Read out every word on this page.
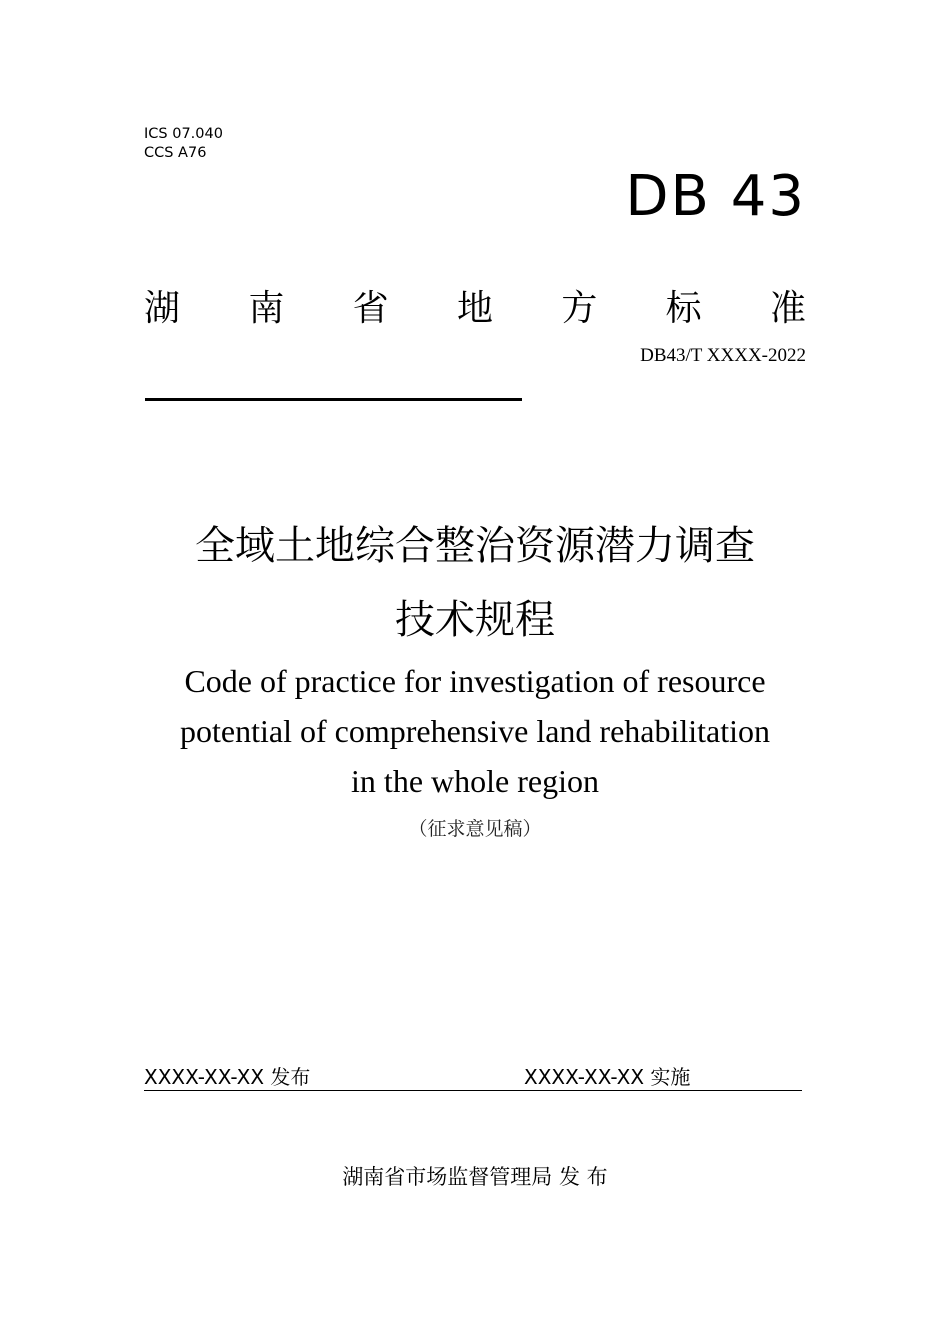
ICS 07.040
CCS A76
DB 43
湖 南 省 地 方 标 准
DB43/T XXXX-2022
全域土地综合整治资源潜力调查
技术规程
Code of practice for investigation of resource
potential of comprehensive land rehabilitation
in the whole region
（征求意见稿）
XXXX-XX-XX 发布	XXXX-XX-XX 实施
湖南省市场监督管理局 发 布
